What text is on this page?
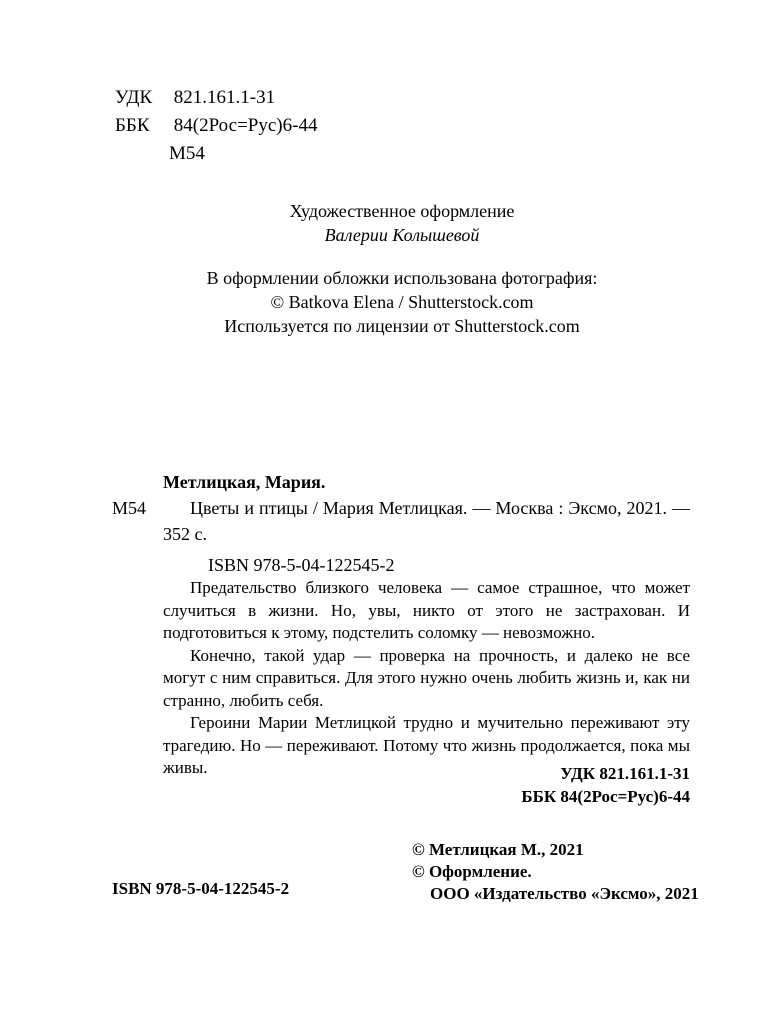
УДК 821.161.1-31
ББК 84(2Рос=Рус)6-44
М54
Художественное оформление
Валерии Колышевой
В оформлении обложки использована фотография:
© Batkova Elena / Shutterstock.com
Используется по лицензии от Shutterstock.com
М54
Метлицкая, Мария.
Цветы и птицы / Мария Метлицкая. — Москва : Эксмо, 2021. — 352 с.
ISBN 978-5-04-122545-2

Предательство близкого человека — самое страшное, что может случиться в жизни. Но, увы, никто от этого не застрахован. И подготовиться к этому, подстелить соломку — невозможно.

Конечно, такой удар — проверка на прочность, и далеко не все могут с ним справиться. Для этого нужно очень любить жизнь и, как ни странно, любить себя.

Героини Марии Метлицкой трудно и мучительно переживают эту трагедию. Но — переживают. Потому что жизнь продолжается, пока мы живы.	УДК 821.161.1-31
ББК 84(2Рос=Рус)6-44
ISBN 978-5-04-122545-2
© Метлицкая М., 2021
© Оформление.
ООО «Издательство «Эксмо», 2021
